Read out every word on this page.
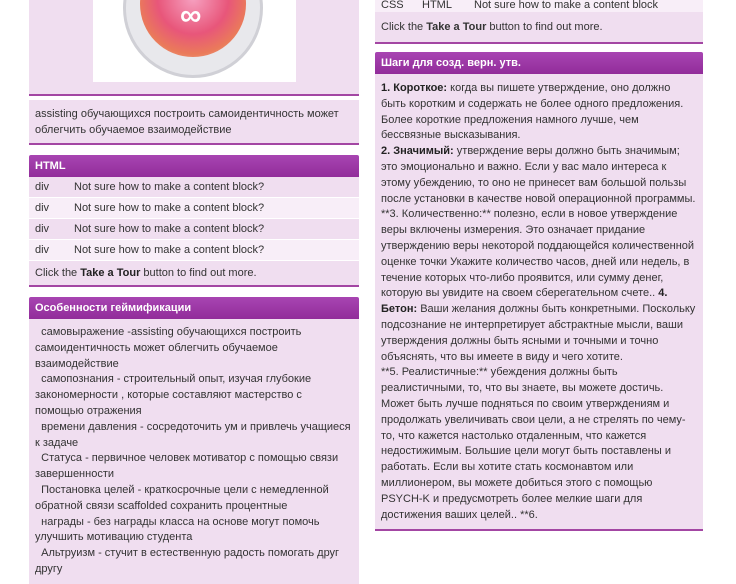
∞
assisting обучающихся построить самоидентичность может облегчить обучаемое взаимодействие
HTML
div	Not sure how to make a content block?
div	Not sure how to make a content block?
div	Not sure how to make a content block?
div	Not sure how to make a content block?
Click the Take a Tour button to find out more.
Особенности геймификации

самовыражение -assisting обучающихся построить самоидентичность может облегчить обучаемое взаимодействие

самопознания - строительный опыт, изучая глубокие закономерности , которые составляют мастерство с помощью отражения

времени давления - сосредоточить ум и привлечь учащиеся к задаче

Статуса - первичное человек мотиватор с помощью связи завершенности

Постановка целей - краткосрочные цели с немедленной обратной связи scaffolded сохранить процентные

награды - без награды класса на основе могут помочь улучшить мотивацию студента

Альтруизм - стучит в естественную радость помогать друг другу

CSS	HTML	Not sure how to make a content block
Click the Take a Tour button to find out more.
Шаги для созд. верн. утв.

1. Короткое: когда вы пишете утверждение, оно должно быть коротким и содержать не более одного предложения. Более короткие предложения намного лучше, чем бессвязные высказывания.

2. Значимый: утверждение веры должно быть значимым; это эмоционально и важно. Если у вас мало интереса к этому убеждению, то оно не принесет вам большой пользы после установки в качестве новой операционной программы.

**3. Количественно:** полезно, если в новое утверждение веры включены измерения. Это означает придание утверждению веры некоторой поддающейся количественной оценке точки Укажите количество часов, дней или недель, в течение которых что-либо проявится, или сумму денег, которую вы увидите на своем сберегательном счете.. 4. Бетон: Ваши желания должны быть конкретными. Поскольку подсознание не интерпретирует абстрактные мысли, ваши утверждения должны быть ясными и точными и точно объяснять, что вы имеете в виду и чего хотите.

**5. Реалистичные:** убеждения должны быть реалистичными, то, что вы знаете, вы можете достичь. Может быть лучше подняться по своим утверждениям и продолжать увеличивать свои цели, а не стрелять по чему-то, что кажется настолько отдаленным, что кажется недостижимым. Большие цели могут быть поставлены и работать. Если вы хотите стать космонавтом или миллионером, вы можете добиться этого с помощью PSYCH-K и предусмотреть более мелкие шаги для достижения ваших целей.. **6.
